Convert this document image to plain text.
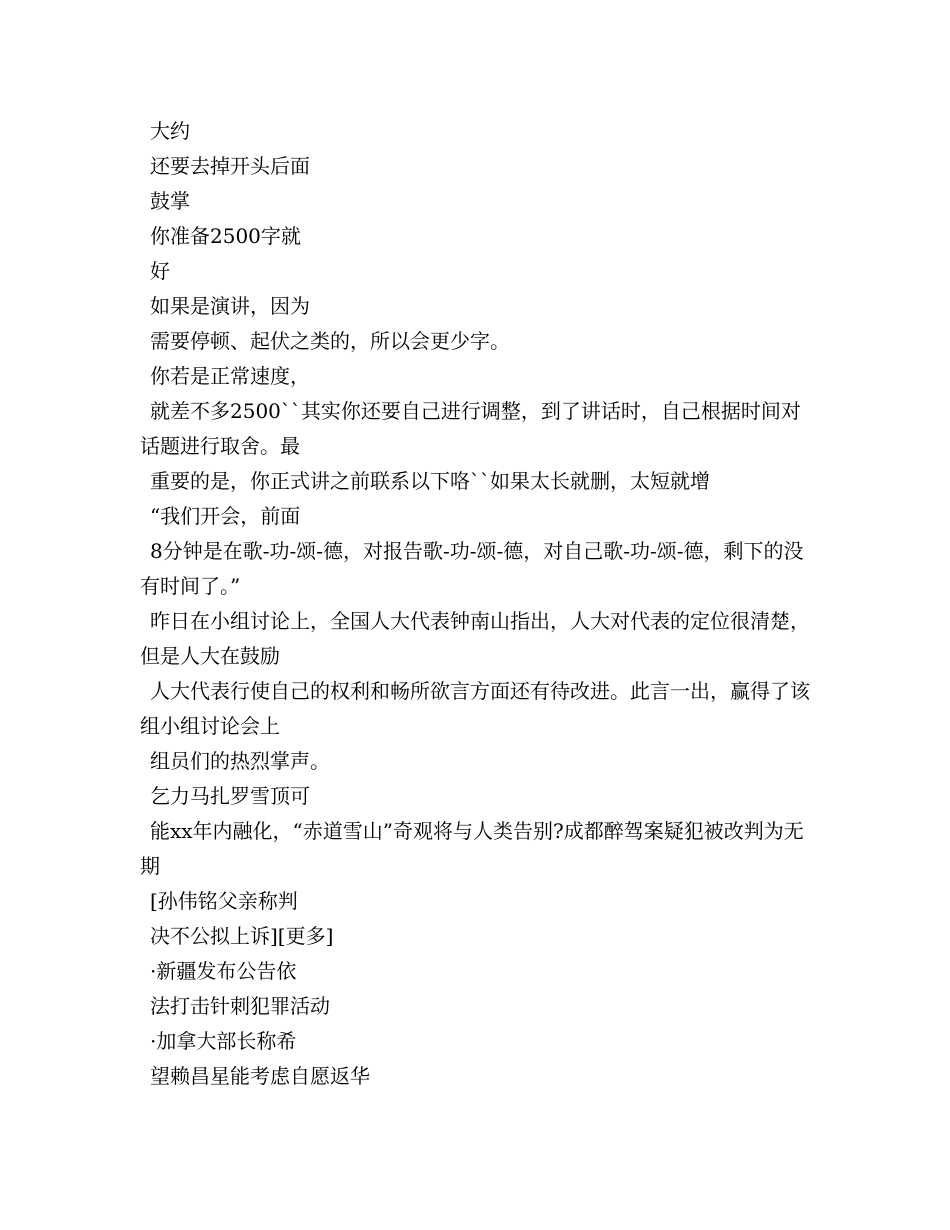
大约

还要去掉开头后面

鼓掌

你准备2500字就

好

如果是演讲，因为

需要停顿、起伏之类的，所以会更少字。

你若是正常速度，

就差不多2500``其实你还要自己进行调整，到了讲话时，自己根据时间对话题进行取舍。最

重要的是，你正式讲之前联系以下咯``如果太长就删，太短就增

“我们开会，前面

8分钟是在歌-功-颂-德，对报告歌-功-颂-德，对自己歌-功-颂-德，剩下的没有时间了。”

昨日在小组讨论上，全国人大代表钟南山指出，人大对代表的定位很清楚，但是人大在鼓励

人大代表行使自己的权利和畅所欲言方面还有待改进。此言一出，赢得了该组小组讨论会上

组员们的热烈掌声。

乞力马扎罗雪顶可

能xx年内融化，“赤道雪山”奇观将与人类告别?成都醉驾案疑犯被改判为无期

[孙伟铭父亲称判

决不公拟上诉][更多]

·新疆发布公告依

法打击针刺犯罪活动

·加拿大部长称希

望赖昌星能考虑自愿返华
